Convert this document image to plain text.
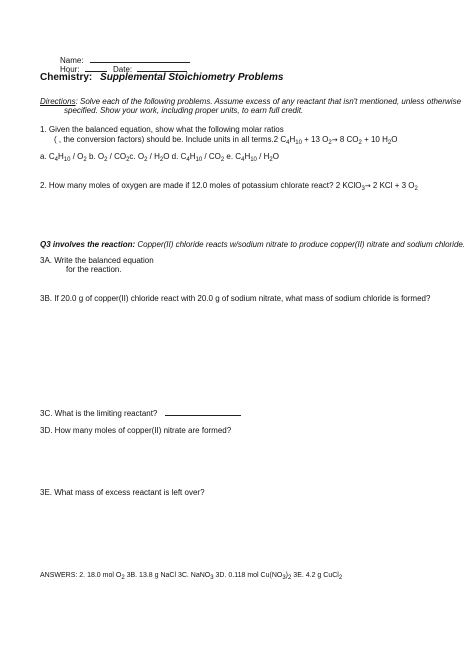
Name:
Hour:	Date:
Chemistry: Supplemental Stoichiometry Problems
Directions: Solve each of the following problems. Assume excess of any reactant that isn't mentioned, unless otherwise
specified. Show your work, including proper units, to earn full credit.
1. Given the balanced equation, show what the following molar ratios
( , the conversion factors) should be. Include units in all terms.2 $C_4H_{10} + 13$ $O_2\to 8$ $CO_2 + 10$ $H_2O$
a. $C_4H_{10} / O_2$ b. $O_2 / CO_2c$. $O_2 / H_2O$ d. $C_4H_{10} / CO_2$ e. $C_4H_{10} / H_2O$
2. How many moles of oxygen are made if 12.0 moles of potassium chlorate react? 2 KClO$_3$→ 2 KCl + 3 $O_2$
Q3 involves the reaction: Copper(II) chloride reacts w/sodium nitrate to produce copper(II) nitrate and sodium chloride.
3A. Write the balanced equation
for the reaction.
3B. If 20.0 g of copper(II) chloride react with 20.0 g of sodium nitrate, what mass of sodium chloride is formed?
3C. What is the limiting reactant?
3D. How many moles of copper(II) nitrate are formed?
3E. What mass of excess reactant is left over?
ANSWERS: 2. 18.0 mol $O_2$ 3B. 13.8 g NaCl 3C. NaNO$_3$ 3D. 0.118 mol $Cu(NO_3)_2$ 3E. 4.2 g CuCl$_2$
